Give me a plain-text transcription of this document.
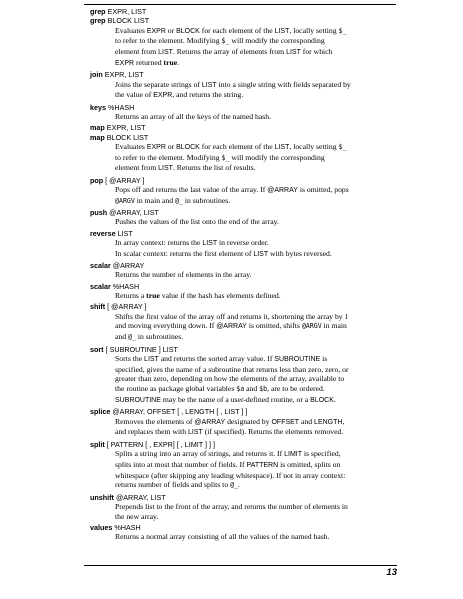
grep EXPR, LIST
grep BLOCK LIST
Evaluates EXPR or BLOCK for each element of the LIST, locally setting $_
to refer to the element. Modifying $_ will modify the corresponding
element from LIST. Returns the array of elements from LIST for which
EXPR returned true.
join EXPR, LIST
Joins the separate strings of LIST into a single string with fields separated by
the value of EXPR, and returns the string.
keys %HASH
Returns an array of all the keys of the named hash.
map EXPR, LIST
map BLOCK LIST
Evaluates EXPR or BLOCK for each element of the LIST, locally setting $_
to refer to the element. Modifying $_ will modify the corresponding
element from LIST. Returns the list of results.
pop [ @ARRAY ]
Pops off and returns the last value of the array. If @ARRAY is omitted, pops
@ARGV in main and @_ in subroutines.
push @ARRAY, LIST
Pushes the values of the list onto the end of the array.
reverse LIST
In array context: returns the LIST in reverse order.
In scalar context: returns the first element of LIST with bytes reversed.
scalar @ARRAY
Returns the number of elements in the array.
scalar %HASH
Returns a true value if the hash has elements defined.
shift [ @ARRAY ]
Shifts the first value of the array off and returns it, shortening the array by 1
and moving everything down. If @ARRAY is omitted, shifts @ARGV in main
and @_ in subroutines.
sort [ SUBROUTINE ] LIST
Sorts the LIST and returns the sorted array value. If SUBROUTINE is
specified, gives the name of a subroutine that returns less than zero, zero, or
greater than zero, depending on how the elements of the array, available to
the routine as package global variables $a and $b, are to be ordered.
SUBROUTINE may be the name of a user-defined routine, or a BLOCK.
splice @ARRAY, OFFSET [ , LENGTH [ , LIST ] ]
Removes the elements of @ARRAY designated by OFFSET and LENGTH,
and replaces them with LIST (if specified). Returns the elements removed.
split [ PATTERN [ , EXPR] [ , LIMIT ] ] ]
Splits a string into an array of strings, and returns it. If LIMIT is specified,
splits into at most that number of fields. If PATTERN is omitted, splits on
whitespace (after skipping any leading whitespace). If not in array context:
returns number of fields and splits to @_.
unshift @ARRAY, LIST
Prepends list to the front of the array, and returns the number of elements in
the new array.
values %HASH
Returns a normal array consisting of all the values of the named hash.
13
